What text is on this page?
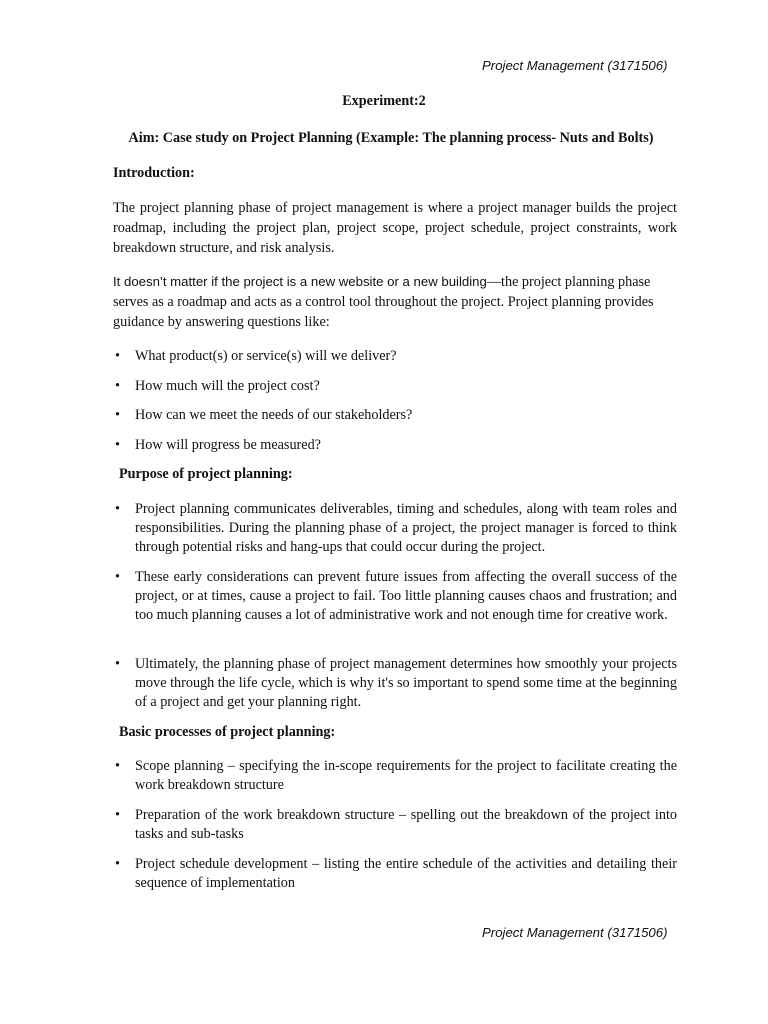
Project Management (3171506)
Experiment:2
Aim: Case study on Project Planning (Example: The planning process- Nuts and Bolts)
Introduction:
The project planning phase of project management is where a project manager builds the project roadmap, including the project plan, project scope, project schedule, project constraints, work breakdown structure, and risk analysis.
It doesn’t matter if the project is a new website or a new building—the project planning phase serves as a roadmap and acts as a control tool throughout the project. Project planning provides guidance by answering questions like:
• What product(s) or service(s) will we deliver?
• How much will the project cost?
• How can we meet the needs of our stakeholders?
• How will progress be measured?
Purpose of project planning:
• Project planning communicates deliverables, timing and schedules, along with team roles and responsibilities. During the planning phase of a project, the project manager is forced to think through potential risks and hang-ups that could occur during the project.
• These early considerations can prevent future issues from affecting the overall success of the project, or at times, cause a project to fail. Too little planning causes chaos and frustration; and too much planning causes a lot of administrative work and not enough time for creative work.
• Ultimately, the planning phase of project management determines how smoothly your projects move through the life cycle, which is why it's so important to spend some time at the beginning of a project and get your planning right.
Basic processes of project planning:
• Scope planning – specifying the in-scope requirements for the project to facilitate creating the work breakdown structure
• Preparation of the work breakdown structure – spelling out the breakdown of the project into tasks and sub-tasks
• Project schedule development – listing the entire schedule of the activities and detailing their sequence of implementation
Project Management (3171506)
